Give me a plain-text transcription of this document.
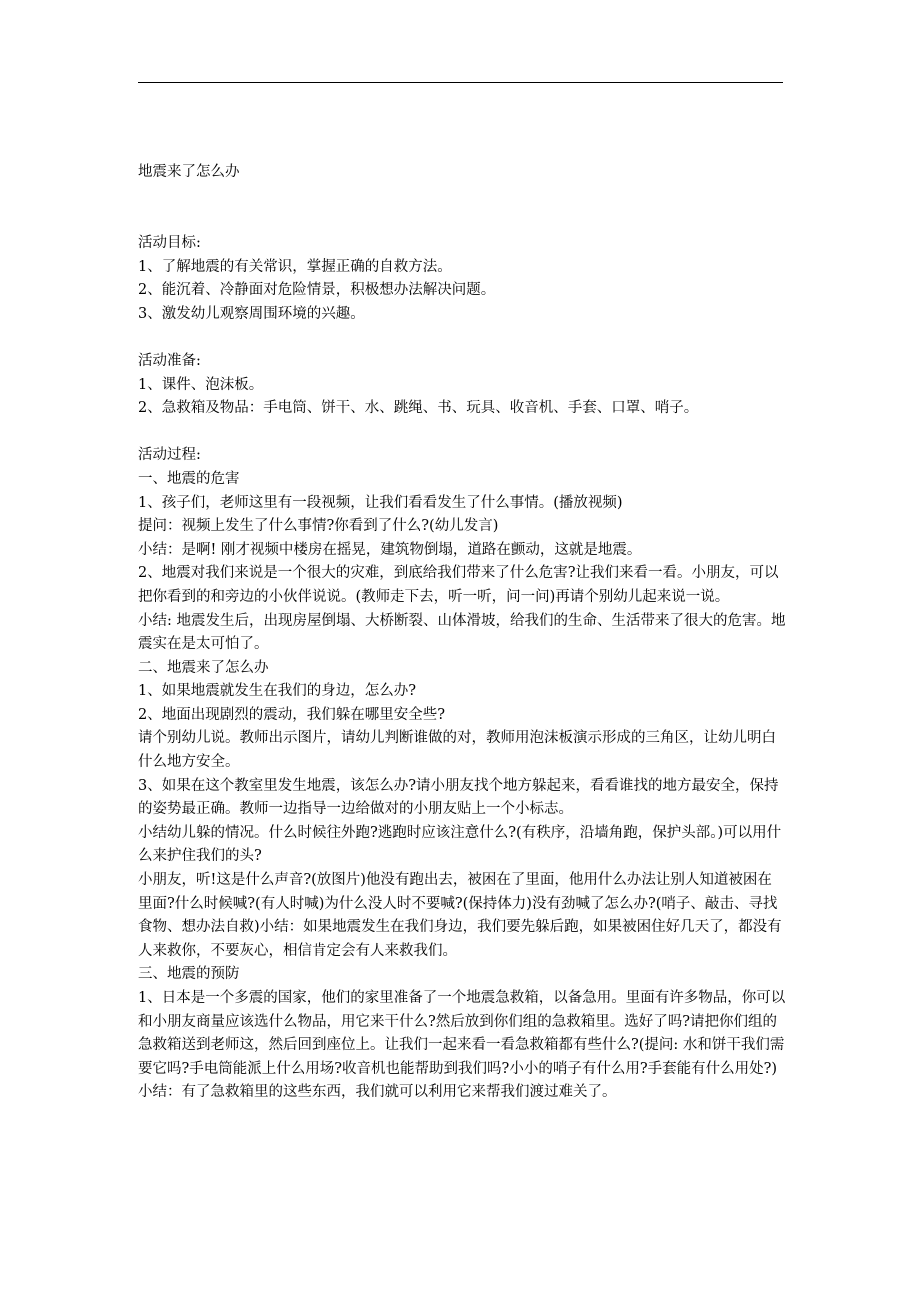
地震来了怎么办

活动目标:

1、了解地震的有关常识，掌握正确的自救方法。

2、能沉着、冷静面对危险情景，积极想办法解决问题。

3、激发幼儿观察周围环境的兴趣。

活动准备:

1、课件、泡沫板。

2、急救箱及物品：手电筒、饼干、水、跳绳、书、玩具、收音机、手套、口罩、哨子。

活动过程:

一、地震的危害

1、孩子们，老师这里有一段视频，让我们看看发生了什么事情。(播放视频)

提问：视频上发生了什么事情?你看到了什么?(幼儿发言)

小结：是啊! 刚才视频中楼房在摇晃，建筑物倒塌，道路在颤动，这就是地震。

2、地震对我们来说是一个很大的灾难，到底给我们带来了什么危害?让我们来看一看。小朋友，可以把你看到的和旁边的小伙伴说说。(教师走下去，听一听，问一问)再请个别幼儿起来说一说。

小结: 地震发生后，出现房屋倒塌、大桥断裂、山体滑坡，给我们的生命、生活带来了很大的危害。地震实在是太可怕了。

二、地震来了怎么办

1、如果地震就发生在我们的身边，怎么办?

2、地面出现剧烈的震动，我们躲在哪里安全些?

请个别幼儿说。教师出示图片，请幼儿判断谁做的对，教师用泡沫板演示形成的三角区，让幼儿明白什么地方安全。

3、如果在这个教室里发生地震，该怎么办?请小朋友找个地方躲起来，看看谁找的地方最安全，保持的姿势最正确。教师一边指导一边给做对的小朋友贴上一个小标志。

小结幼儿躲的情况。什么时候往外跑?逃跑时应该注意什么?(有秩序，沿墙角跑，保护头部。)可以用什么来护住我们的头?

小朋友，听!这是什么声音?(放图片)他没有跑出去，被困在了里面，他用什么办法让别人知道被困在里面?什么时候喊?(有人时喊)为什么没人时不要喊?(保持体力)没有劲喊了怎么办?(哨子、敲击、寻找食物、想办法自救)小结：如果地震发生在我们身边，我们要先躲后跑，如果被困住好几天了，都没有人来救你，不要灰心，相信肯定会有人来救我们。

三、地震的预防

1、日本是一个多震的国家，他们的家里准备了一个地震急救箱，以备急用。里面有许多物品，你可以和小朋友商量应该选什么物品，用它来干什么?然后放到你们组的急救箱里。选好了吗?请把你们组的急救箱送到老师这，然后回到座位上。让我们一起来看一看急救箱都有些什么?(提问: 水和饼干我们需要它吗?手电筒能派上什么用场?收音机也能帮助到我们吗?小小的哨子有什么用?手套能有什么用处?)

小结：有了急救箱里的这些东西，我们就可以利用它来帮我们渡过难关了。
